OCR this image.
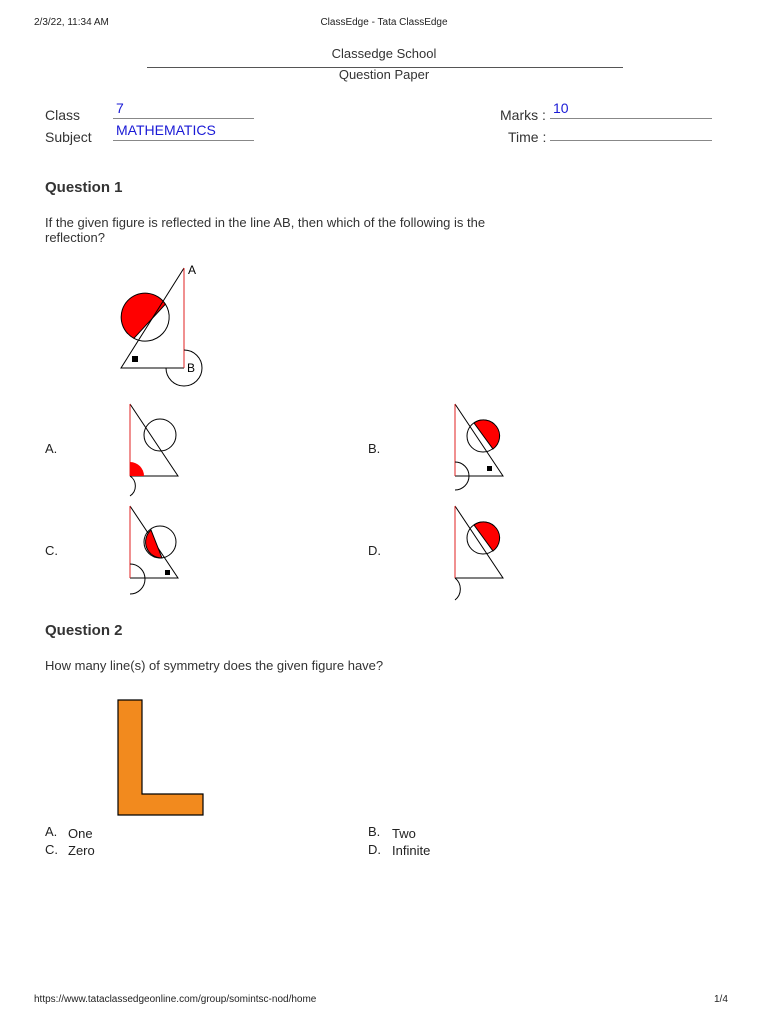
2/3/22, 11:34 AM	ClassEdge - Tata ClassEdge
Classedge School
Question Paper
Class	7
Subject MATHEMATICS
Marks : 10
Time :
Question 1
If the given figure is reflected in the line AB, then which of the following is the reflection?
A
B
A.	B.
C.	D.
Question 2
How many line(s) of symmetry does the given figure have?
A. One	B. Two
C. Zero	D. Infinite
https://www.tataclassedgeonline.com/group/somintsc-nod/home	1/4
